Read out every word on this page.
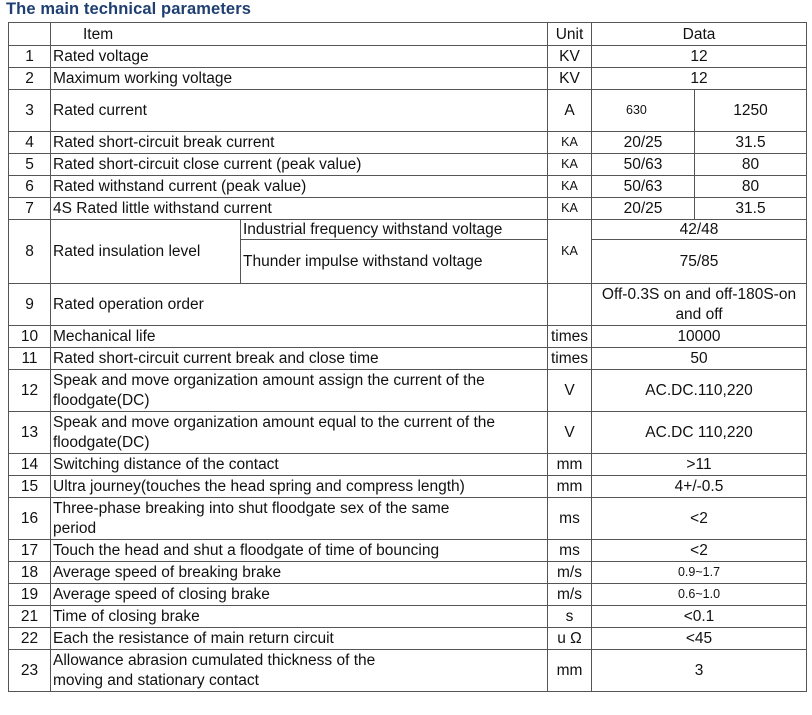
The main technical parameters
	Item		Unit	Data	
1	Rated voltage		KV	12	
2	Maximum working voltage		KV	12	
3	Rated current		A	630	1250
4	Rated short-circuit break current		KA	20/25	31.5
5	Rated short-circuit close current (peak value)		KA	50/63	80
6	Rated withstand current (peak value)		KA	50/63	80
7	4S Rated little withstand current		KA	20/25	31.5
8	Rated insulation level	Industrial frequency withstand voltage	KA	42/48	
		Thunder impulse withstand voltage		75/85	
9	Rated operation order			Off-0.3S on and off-180S-on and off	
10	Mechanical life		times	10000	
11	Rated short-circuit current break and close time		times	50	
12	Speak and move organization amount assign the current of the floodgate(DC)		V	AC.DC.110,220	
13	Speak and move organization amount equal to the current of the floodgate(DC)		V	AC.DC 110,220	
14	Switching distance of the contact		mm	>11	
15	Ultra journey(touches the head spring and compress length)		mm	4+/-0.5	
16	Three-phase breaking into shut floodgate sex of the same period		ms	<2	
17	Touch the head and shut a floodgate of time of bouncing		ms	<2	
18	Average speed of breaking brake		m/s	0.9~1.7	
19	Average speed of closing brake		m/s	0.6~1.0	
21	Time of closing brake		s	<0.1	
22	Each the resistance of main return circuit		u Ω	<45	
23	Allowance abrasion cumulated thickness of the moving and stationary contact		mm	3	
